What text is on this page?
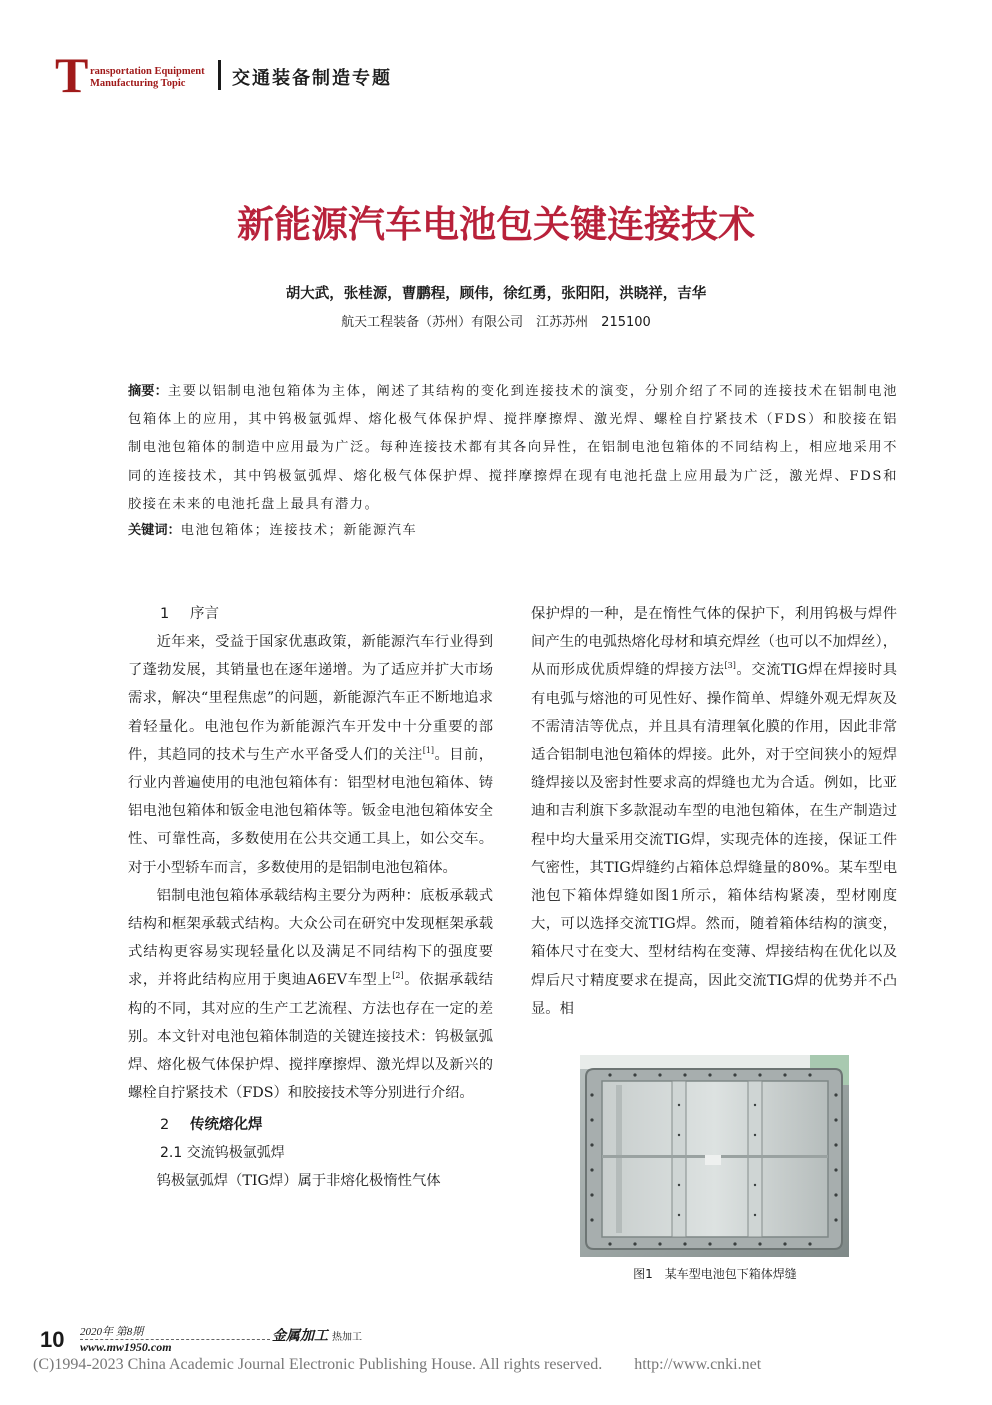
T ransportation Equipment
Manufacturing Topic	交通装备制造专题
新能源汽车电池包关键连接技术
胡大武，张桂源，曹鹏程，顾伟，徐红勇，张阳阳，洪晓祥，吉华
航天工程装备（苏州）有限公司　江苏苏州　215100
摘要：主要以铝制电池包箱体为主体，阐述了其结构的变化到连接技术的演变，分别介绍了不同的连接技术在铝制电池包箱体上的应用，其中钨极氩弧焊、熔化极气体保护焊、搅拌摩擦焊、激光焊、螺栓自拧紧技术（FDS）和胶接在铝制电池包箱体的制造中应用最为广泛。每种连接技术都有其各向异性，在铝制电池包箱体的不同结构上，相应地采用不同的连接技术，其中钨极氩弧焊、熔化极气体保护焊、搅拌摩擦焊在现有电池托盘上应用最为广泛，激光焊、FDS和胶接在未来的电池托盘上最具有潜力。
关键词：电池包箱体；连接技术；新能源汽车
1 序言

近年来，受益于国家优惠政策，新能源汽车行业得到了蓬勃发展，其销量也在逐年递增。为了适应并扩大市场需求，解决“里程焦虑”的问题，新能源汽车正不断地追求着轻量化。电池包作为新能源汽车开发中十分重要的部件，其趋同的技术与生产水平备受人们的关注[1]。目前，行业内普遍使用的电池包箱体有：铝型材电池包箱体、铸铝电池包箱体和钣金电池包箱体等。钣金电池包箱体安全性、可靠性高，多数使用在公共交通工具上，如公交车。对于小型轿车而言，多数使用的是铝制电池包箱体。

铝制电池包箱体承载结构主要分为两种：底板承载式结构和框架承载式结构。大众公司在研究中发现框架承载式结构更容易实现轻量化以及满足不同结构下的强度要求，并将此结构应用于奥迪A6EV车型上[2]。依据承载结构的不同，其对应的生产工艺流程、方法也存在一定的差别。本文针对电池包箱体制造的关键连接技术：钨极氩弧焊、熔化极气体保护焊、搅拌摩擦焊、激光焊以及新兴的螺栓自拧紧技术（FDS）和胶接技术等分别进行介绍。

2 传统熔化焊
2.1 交流钨极氩弧焊

钨极氩弧焊（TIG焊）属于非熔化极惰性气体

保护焊的一种，是在惰性气体的保护下，利用钨极与焊件间产生的电弧热熔化母材和填充焊丝（也可以不加焊丝），从而形成优质焊缝的焊接方法[3]。交流TIG焊在焊接时具有电弧与熔池的可见性好、操作简单、焊缝外观无焊灰及不需清洁等优点，并且具有清理氧化膜的作用，因此非常适合铝制电池包箱体的焊接。此外，对于空间狭小的短焊缝焊接以及密封性要求高的焊缝也尤为合适。例如，比亚迪和吉利旗下多款混动车型的电池包箱体，在生产制造过程中均大量采用交流TIG焊，实现壳体的连接，保证工件气密性，其TIG焊缝约占箱体总焊缝量的80%。某车型电池包下箱体焊缝如图1所示，箱体结构紧凑，型材刚度大，可以选择交流TIG焊。然而，随着箱体结构的演变，箱体尺寸在变大、型材结构在变薄、焊接结构在优化以及焊后尺寸精度要求在提高，因此交流TIG焊的优势并不凸显。相

图1　某车型电池包下箱体焊缝
10 2020年 第8期
www.mw1950.com
金属加工 热加工
(C)1994-2023 China Academic Journal Electronic Publishing House. All rights reserved.　　http://www.cnki.net
